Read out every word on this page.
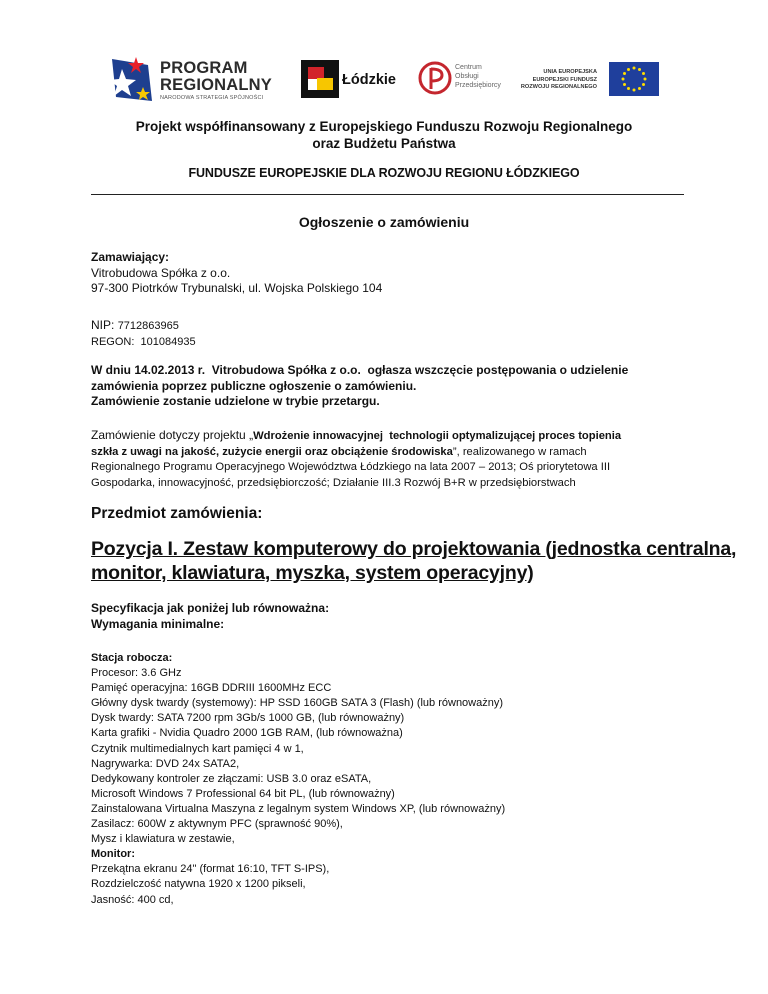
PROGRAM
REGIONALNY
NARODOWA STRATEGIA SPÓJNOŚCI
Łódzkie
Centrum
Obsługi
Przedsiębiorcy
UNIA EUROPEJSKA
EUROPEJSKI FUNDUSZ
ROZWOJU REGIONALNEGO
Projekt współfinansowany z Europejskiego Funduszu Rozwoju Regionalnego
oraz Budżetu Państwa
FUNDUSZE EUROPEJSKIE DLA ROZWOJU REGIONU ŁÓDZKIEGO
Ogłoszenie o zamówieniu
Zamawiający:
Vitrobudowa Spółka z o.o.
97-300 Piotrków Trybunalski, ul. Wojska Polskiego 104
NIP: 7712863965
REGON: 101084935
W dniu 14.02.2013 r.  Vitrobudowa Spółka z o.o.  ogłasza wszczęcie postępowania o udzielenie
zamówienia poprzez publiczne ogłoszenie o zamówieniu.
Zamówienie zostanie udzielone w trybie przetargu.
Zamówienie dotyczy projektu „Wdrożenie innowacyjnej  technologii optymalizującej proces topienia
szkła z uwagi na jakość, zużycie energii oraz obciążenie środowiska”, realizowanego w ramach
Regionalnego Programu Operacyjnego Województwa Łódzkiego na lata 2007 – 2013; Oś priorytetowa III
Gospodarka, innowacyjność, przedsiębiorczość; Działanie III.3 Rozwój B+R w przedsiębiorstwach
Przedmiot zamówienia:
Pozycja I. Zestaw komputerowy do projektowania (jednostka centralna,
monitor, klawiatura, myszka, system operacyjny)
Specyfikacja jak poniżej lub równoważna:
Wymagania minimalne:
Stacja robocza:
Procesor: 3.6 GHz
Pamięć operacyjna: 16GB DDRIII 1600MHz ECC
Główny dysk twardy (systemowy): HP SSD 160GB SATA 3 (Flash) (lub równoważny)
Dysk twardy: SATA 7200 rpm 3Gb/s 1000 GB, (lub równoważny)
Karta grafiki - Nvidia Quadro 2000 1GB RAM, (lub równoważna)
Czytnik multimedialnych kart pamięci 4 w 1,
Nagrywarka: DVD 24x SATA2,
Dedykowany kontroler ze złączami: USB 3.0 oraz eSATA,
Microsoft Windows 7 Professional 64 bit PL, (lub równoważny)
Zainstalowana Virtualna Maszyna z legalnym system Windows XP, (lub równoważny)
Zasilacz: 600W z aktywnym PFC (sprawność 90%),
Mysz i klawiatura w zestawie,
Monitor:
Przekątna ekranu 24" (format 16:10, TFT S-IPS),
Rozdzielczość natywna 1920 x 1200 pikseli,
Jasność: 400 cd,
